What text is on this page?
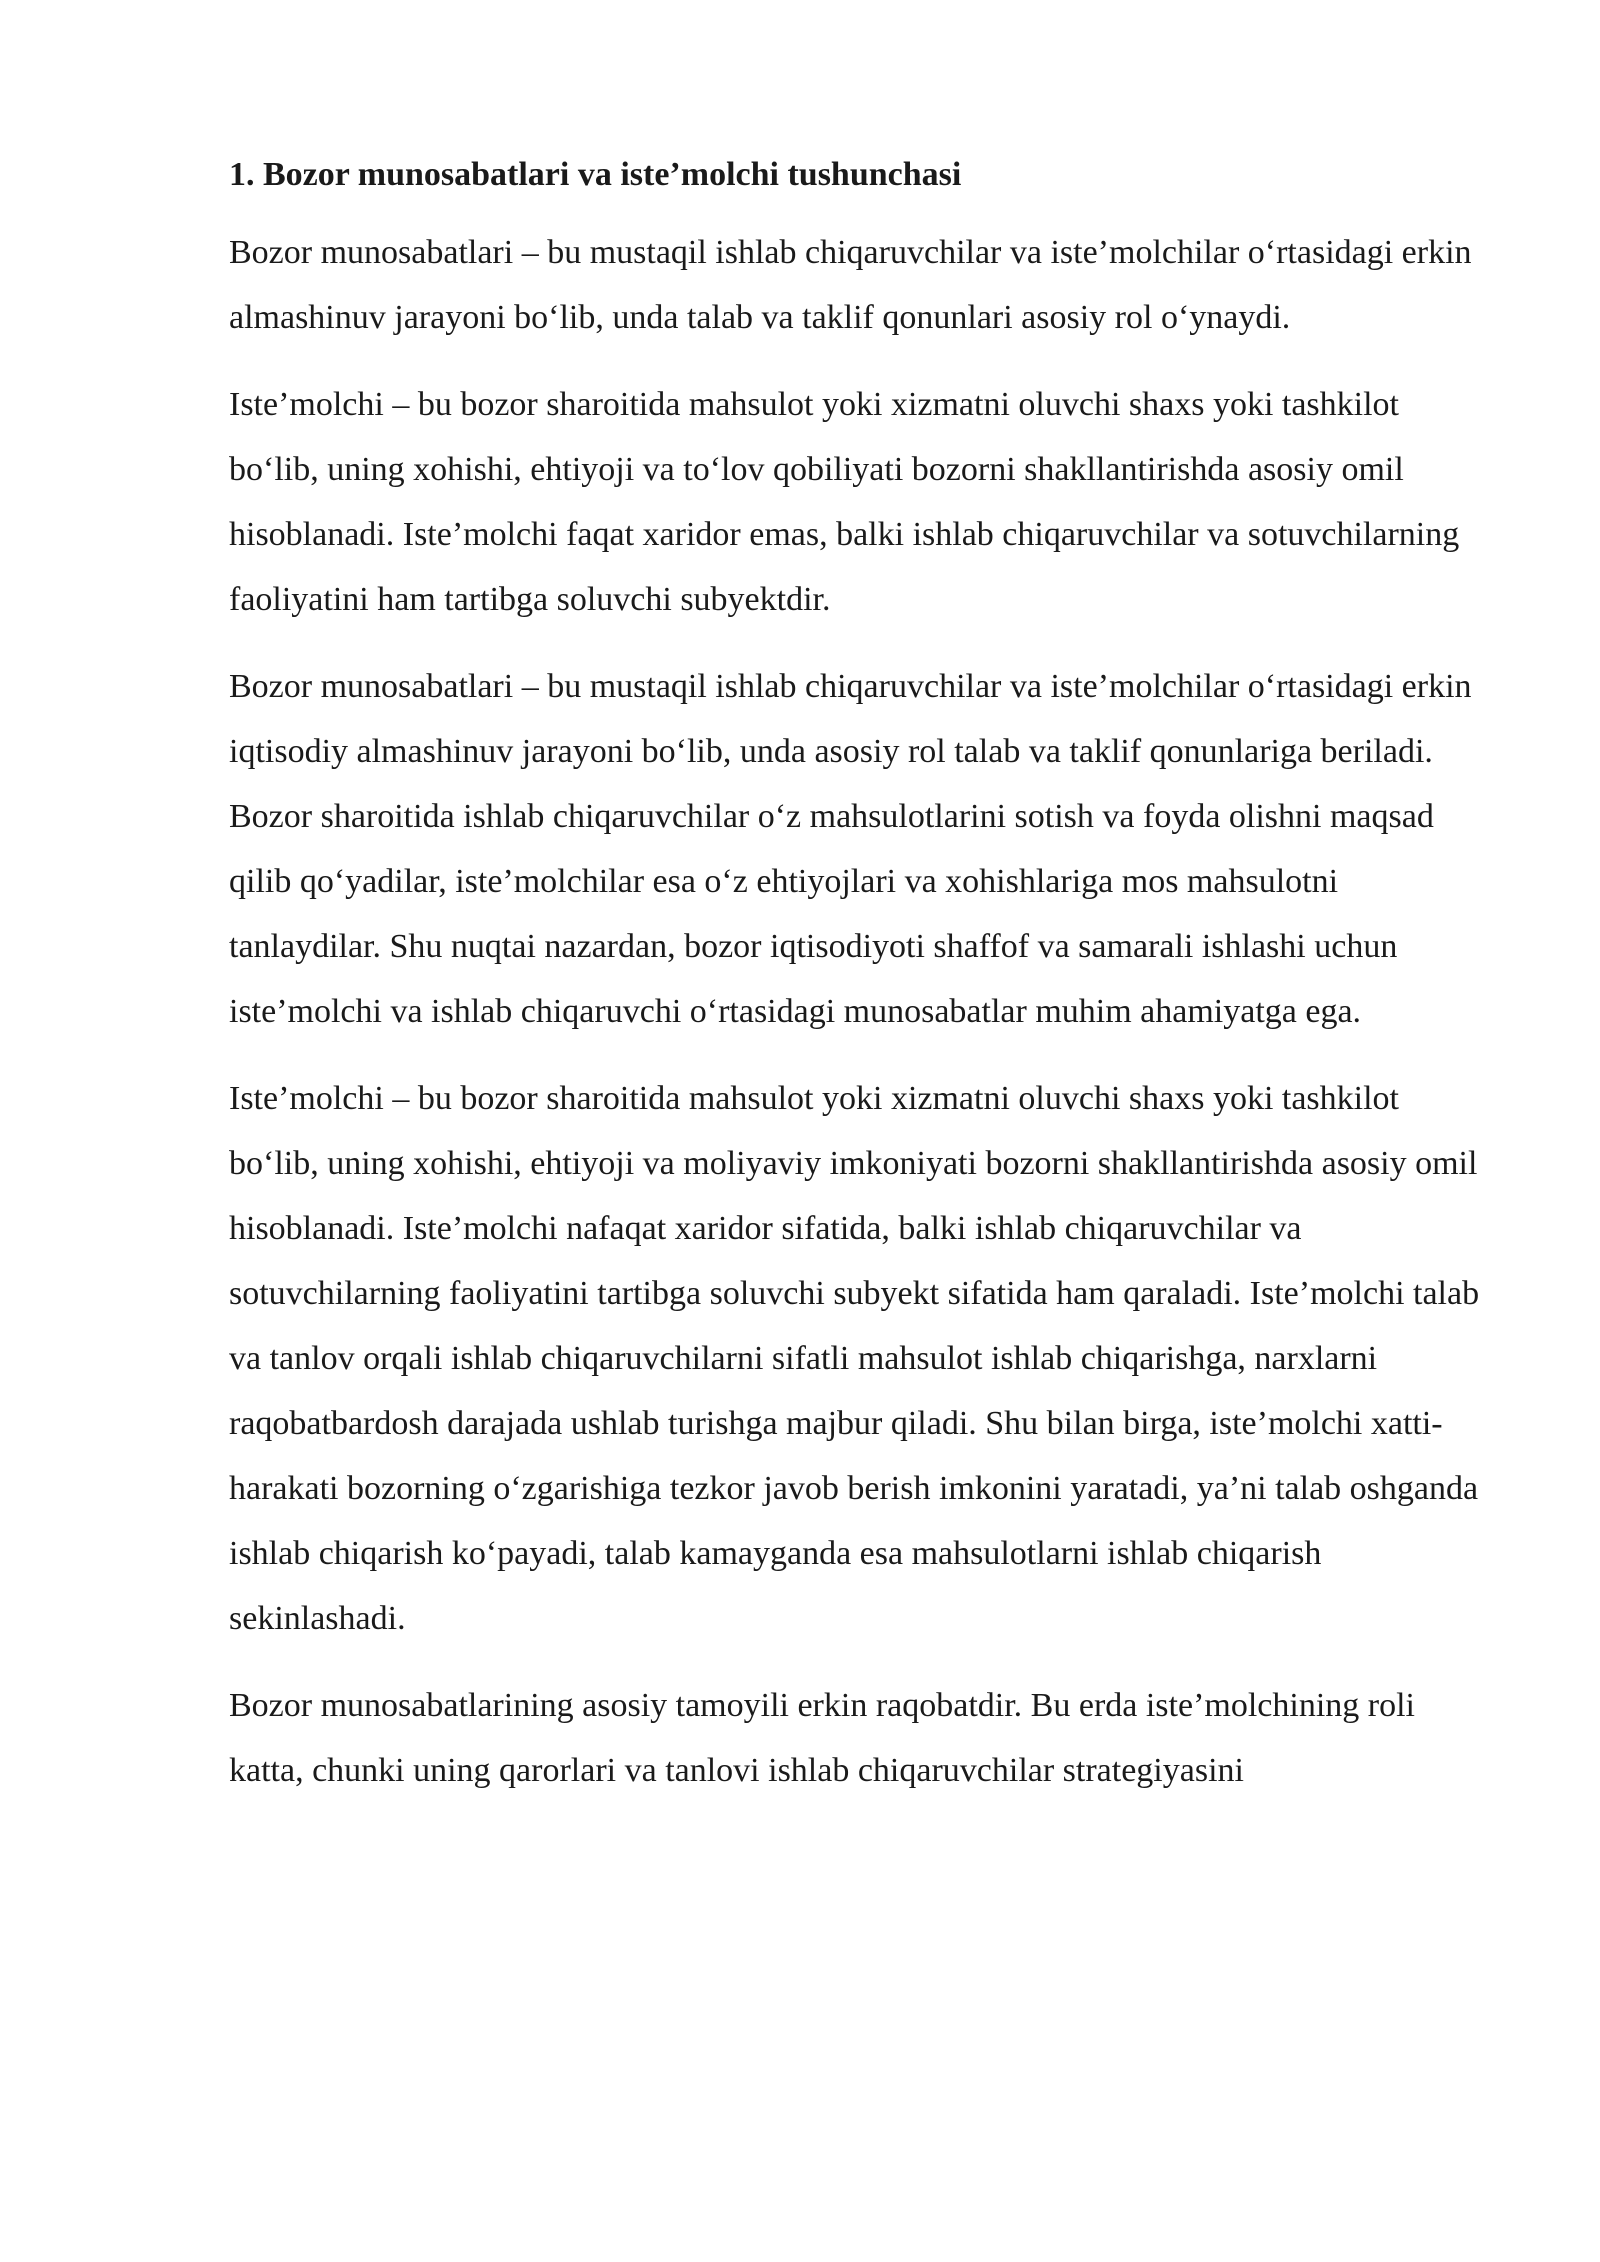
1. Bozor munosabatlari va iste’molchi tushunchasi

Bozor munosabatlari – bu mustaqil ishlab chiqaruvchilar va iste’molchilar o‘rtasidagi erkin almashinuv jarayoni bo‘lib, unda talab va taklif qonunlari asosiy rol o‘ynaydi.

Iste’molchi – bu bozor sharoitida mahsulot yoki xizmatni oluvchi shaxs yoki tashkilot bo‘lib, uning xohishi, ehtiyoji va to‘lov qobiliyati bozorni shakllantirishda asosiy omil hisoblanadi. Iste’molchi faqat xaridor emas, balki ishlab chiqaruvchilar va sotuvchilarning faoliyatini ham tartibga soluvchi subyektdir.

Bozor munosabatlari – bu mustaqil ishlab chiqaruvchilar va iste’molchilar o‘rtasidagi erkin iqtisodiy almashinuv jarayoni bo‘lib, unda asosiy rol talab va taklif qonunlariga beriladi. Bozor sharoitida ishlab chiqaruvchilar o‘z mahsulotlarini sotish va foyda olishni maqsad qilib qo‘yadilar, iste’molchilar esa o‘z ehtiyojlari va xohishlariga mos mahsulotni tanlaydilar. Shu nuqtai nazardan, bozor iqtisodiyoti shaffof va samarali ishlashi uchun iste’molchi va ishlab chiqaruvchi o‘rtasidagi munosabatlar muhim ahamiyatga ega.

Iste’molchi – bu bozor sharoitida mahsulot yoki xizmatni oluvchi shaxs yoki tashkilot bo‘lib, uning xohishi, ehtiyoji va moliyaviy imkoniyati bozorni shakllantirishda asosiy omil hisoblanadi. Iste’molchi nafaqat xaridor sifatida, balki ishlab chiqaruvchilar va sotuvchilarning faoliyatini tartibga soluvchi subyekt sifatida ham qaraladi. Iste’molchi talab va tanlov orqali ishlab chiqaruvchilarni sifatli mahsulot ishlab chiqarishga, narxlarni raqobatbardosh darajada ushlab turishga majbur qiladi. Shu bilan birga, iste’molchi xatti-harakati bozorning o‘zgarishiga tezkor javob berish imkonini yaratadi, ya’ni talab oshganda ishlab chiqarish ko‘payadi, talab kamayganda esa mahsulotlarni ishlab chiqarish sekinlashadi.

Bozor munosabatlarining asosiy tamoyili erkin raqobatdir. Bu erda iste’molchining roli katta, chunki uning qarorlari va tanlovi ishlab chiqaruvchilar strategiyasini
